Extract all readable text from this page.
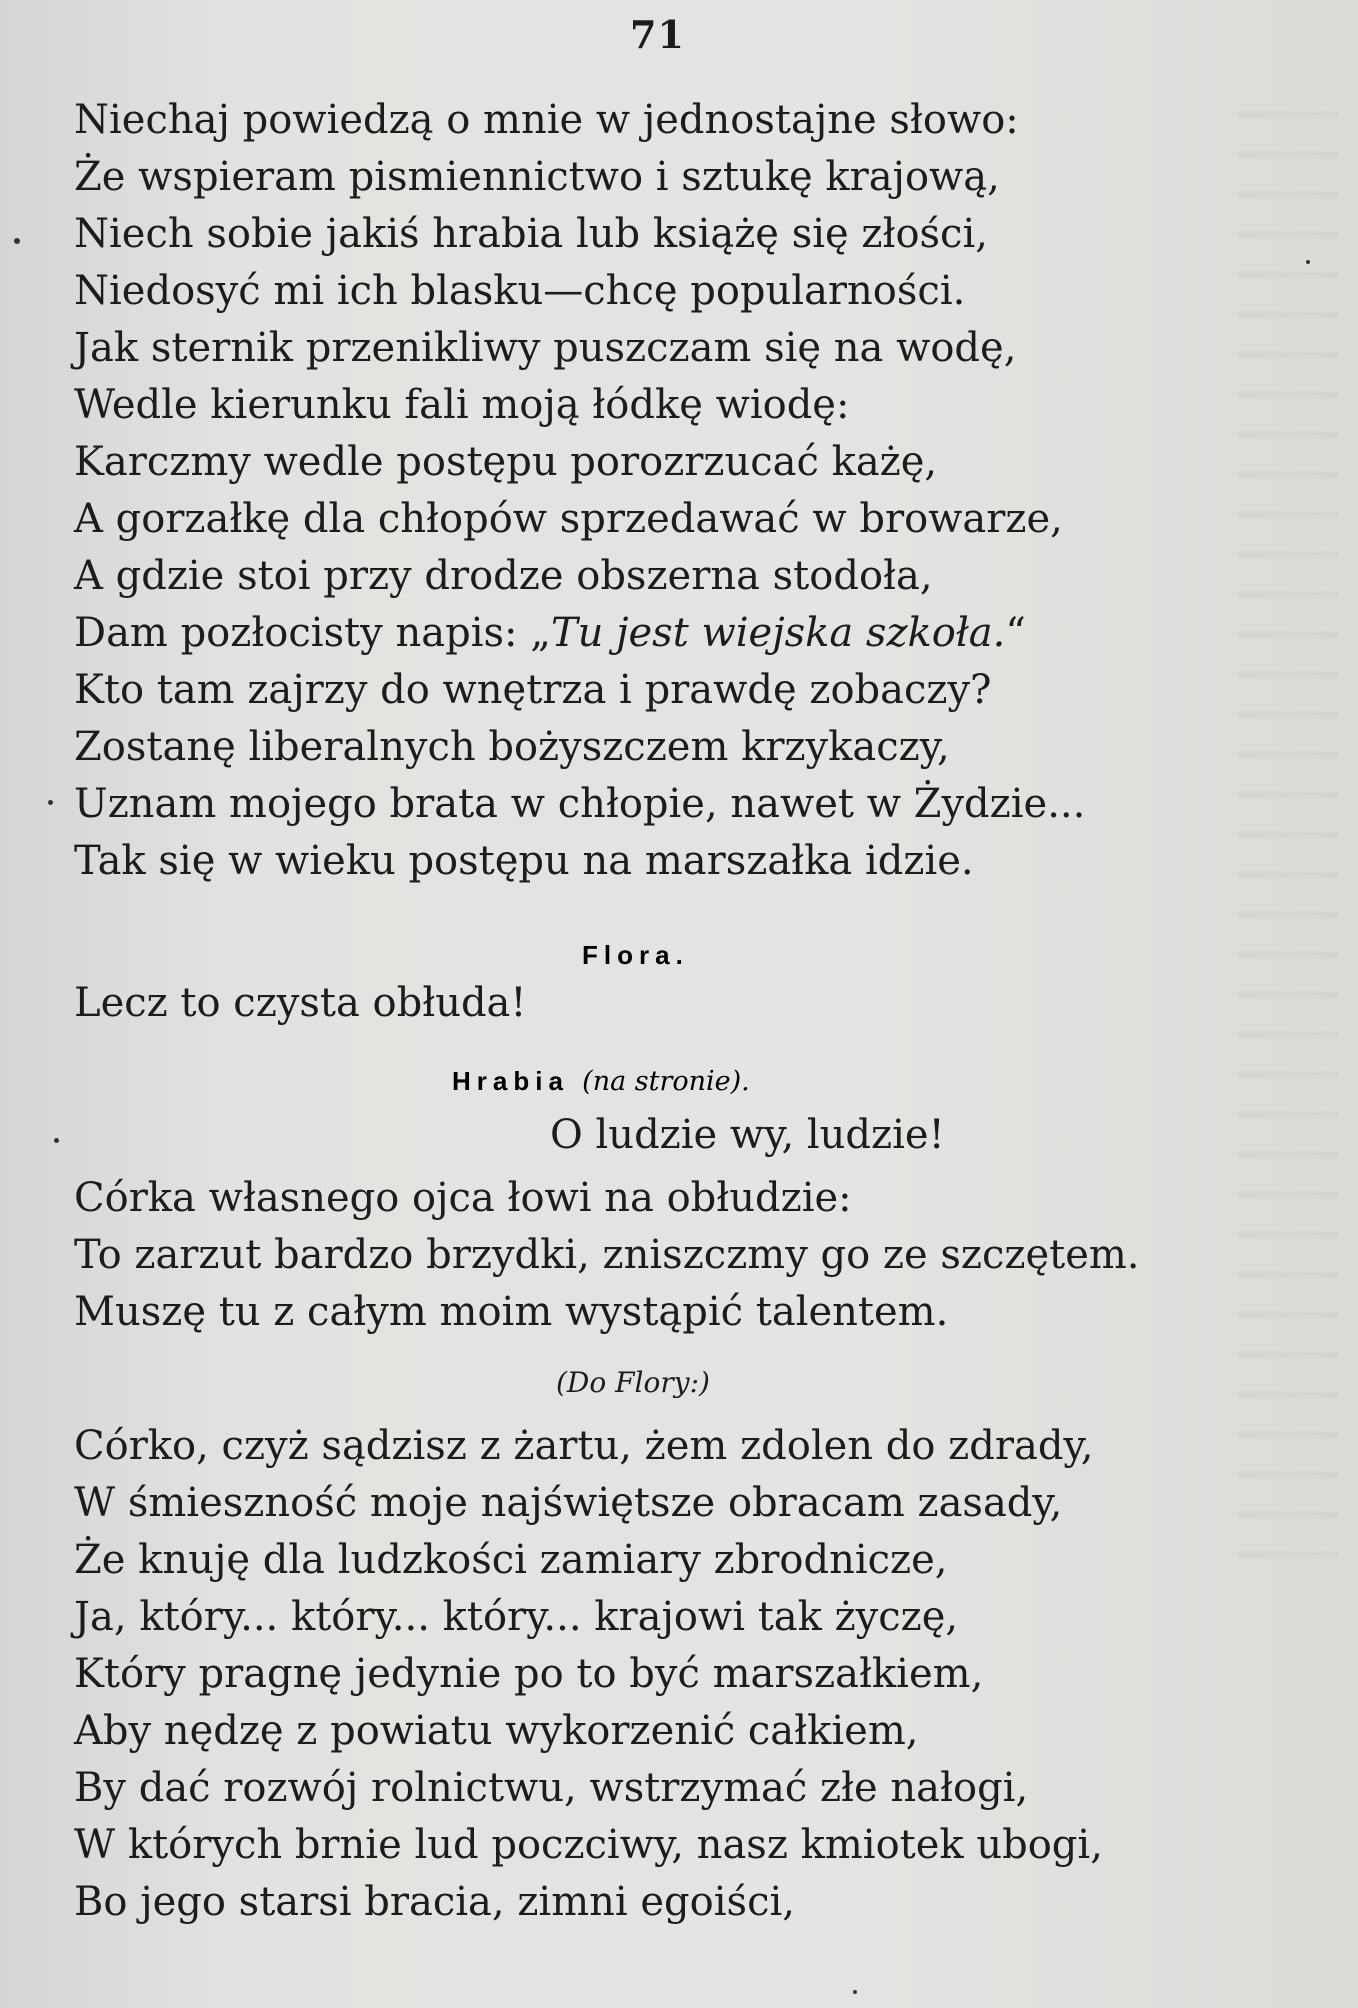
71
Niechaj powiedzą o mnie w jednostajne słowo:
Że wspieram pismiennictwo i sztukę krajową,
Niech sobie jakiś hrabia lub książę się złości,
Niedosyć mi ich blasku—chcę popularności.
Jak sternik przenikliwy puszczam się na wodę,
Wedle kierunku fali moją łódkę wiodę:
Karczmy wedle postępu porozrzucać każę,
A gorzałkę dla chłopów sprzedawać w browarze,
A gdzie stoi przy drodze obszerna stodoła,
Dam pozłocisty napis: „Tu jest wiejska szkoła.“
Kto tam zajrzy do wnętrza i prawdę zobaczy?
Zostanę liberalnych bożyszczem krzykaczy,
Uznam mojego brata w chłopie, nawet w Żydzie...
Tak się w wieku postępu na marszałka idzie.
Flora.
Lecz to czysta obłuda!
Hrabia (na stronie).
O ludzie wy, ludzie!
Córka własnego ojca łowi na obłudzie:
To zarzut bardzo brzydki, zniszczmy go ze szczętem.
Muszę tu z całym moim wystąpić talentem.
(Do Flory:)
Córko, czyż sądzisz z żartu, żem zdolen do zdrady,
W śmieszność moje najświętsze obracam zasady,
Że knuję dla ludzkości zamiary zbrodnicze,
Ja, który... który... który... krajowi tak życzę,
Który pragnę jedynie po to być marszałkiem,
Aby nędzę z powiatu wykorzenić całkiem,
By dać rozwój rolnictwu, wstrzymać złe nałogi,
W których brnie lud poczciwy, nasz kmiotek ubogi,
Bo jego starsi bracia, zimni egoiści,
